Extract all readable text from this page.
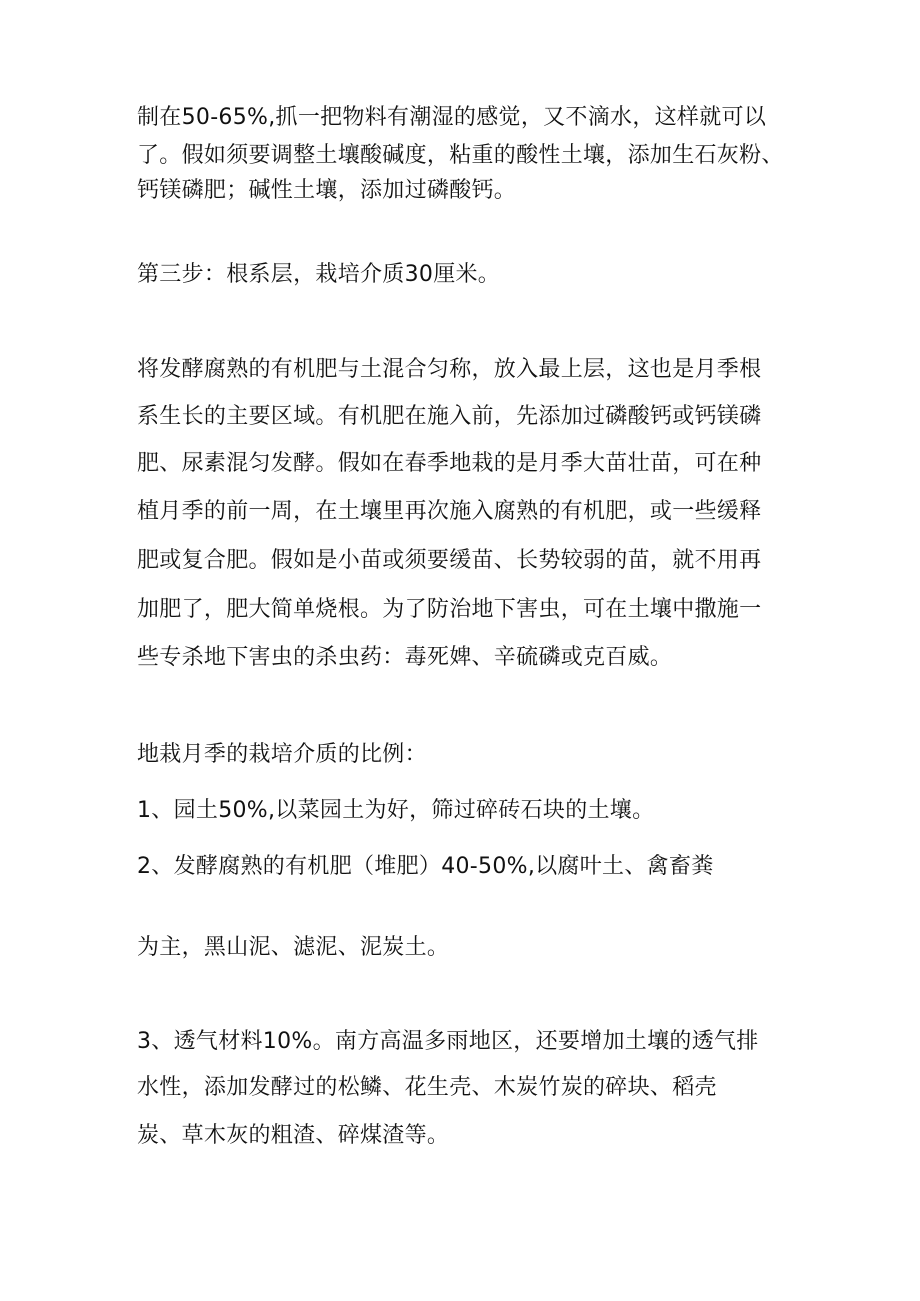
制在50-65%,抓一把物料有潮湿的感觉，又不滴水，这样就可以
了。假如须要调整土壤酸碱度，粘重的酸性土壤，添加生石灰粉、
钙镁磷肥；碱性土壤，添加过磷酸钙。
第三步：根系层，栽培介质30厘米。
将发酵腐熟的有机肥与土混合匀称，放入最上层，这也是月季根
系生长的主要区域。有机肥在施入前，先添加过磷酸钙或钙镁磷
肥、尿素混匀发酵。假如在春季地栽的是月季大苗壮苗，可在种
植月季的前一周，在土壤里再次施入腐熟的有机肥，或一些缓释
肥或复合肥。假如是小苗或须要缓苗、长势较弱的苗，就不用再
加肥了，肥大简单烧根。为了防治地下害虫，可在土壤中撒施一
些专杀地下害虫的杀虫药：毒死婢、辛硫磷或克百威。
地栽月季的栽培介质的比例：
1、园土50%,以菜园土为好，筛过碎砖石块的土壤。
2、发酵腐熟的有机肥（堆肥）40-50%,以腐叶土、禽畜粪
为主，黑山泥、滤泥、泥炭土。
3、透气材料10%。南方高温多雨地区，还要增加土壤的透气排
水性，添加发酵过的松鳞、花生壳、木炭竹炭的碎块、稻壳
炭、草木灰的粗渣、碎煤渣等。
